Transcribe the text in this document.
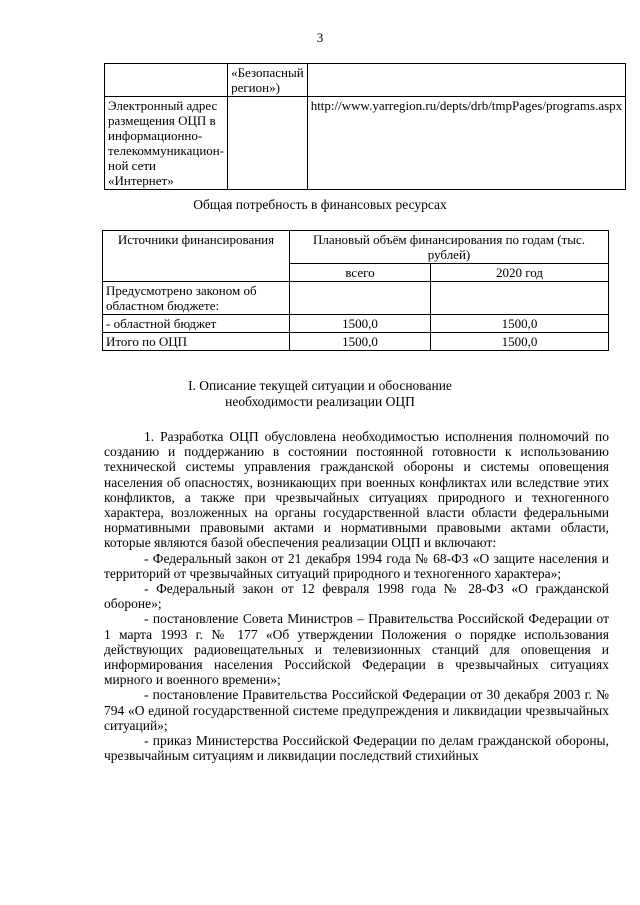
3
	«Безопасный регион»)	
Электронный адрес размещения ОЦП в информационно-телекоммуникацион-ной сети «Интернет»		http://www.yarregion.ru/depts/drb/tmpPages/programs.aspx
Общая потребность в финансовых ресурсах
Источники финансирования	Плановый объём финансирования по годам (тыс. рублей)	
	всего	2020 год
Предусмотрено законом об областном бюджете:		
- областной бюджет	1500,0	1500,0
Итого по ОЦП	1500,0	1500,0
I. Описание текущей ситуации и обоснование
необходимости реализации ОЦП

1. Разработка ОЦП обусловлена необходимостью исполнения полномочий по созданию и поддержанию в состоянии постоянной готовности к использованию технической системы управления гражданской обороны и системы оповещения населения об опасностях, возникающих при военных конфликтах или вследствие этих конфликтов, а также при чрезвычайных ситуациях природного и техногенного характера, возложенных на органы государственной власти области федеральными нормативными правовыми актами и нормативными правовыми актами области, которые являются базой обеспечения реализации ОЦП и включают:

- Федеральный закон от 21 декабря 1994 года № 68-ФЗ «О защите населения и территорий от чрезвычайных ситуаций природного и техногенного характера»;

- Федеральный закон от 12 февраля 1998 года № 28-ФЗ «О гражданской обороне»;

- постановление Совета Министров – Правительства Российской Федерации от 1 марта 1993 г. № 177 «Об утверждении Положения о порядке использования действующих радиовещательных и телевизионных станций для оповещения и информирования населения Российской Федерации в чрезвычайных ситуациях мирного и военного времени»;

- постановление Правительства Российской Федерации от 30 декабря 2003 г. № 794 «О единой государственной системе предупреждения и ликвидации чрезвычайных ситуаций»;

- приказ Министерства Российской Федерации по делам гражданской обороны, чрезвычайным ситуациям и ликвидации последствий стихийных
